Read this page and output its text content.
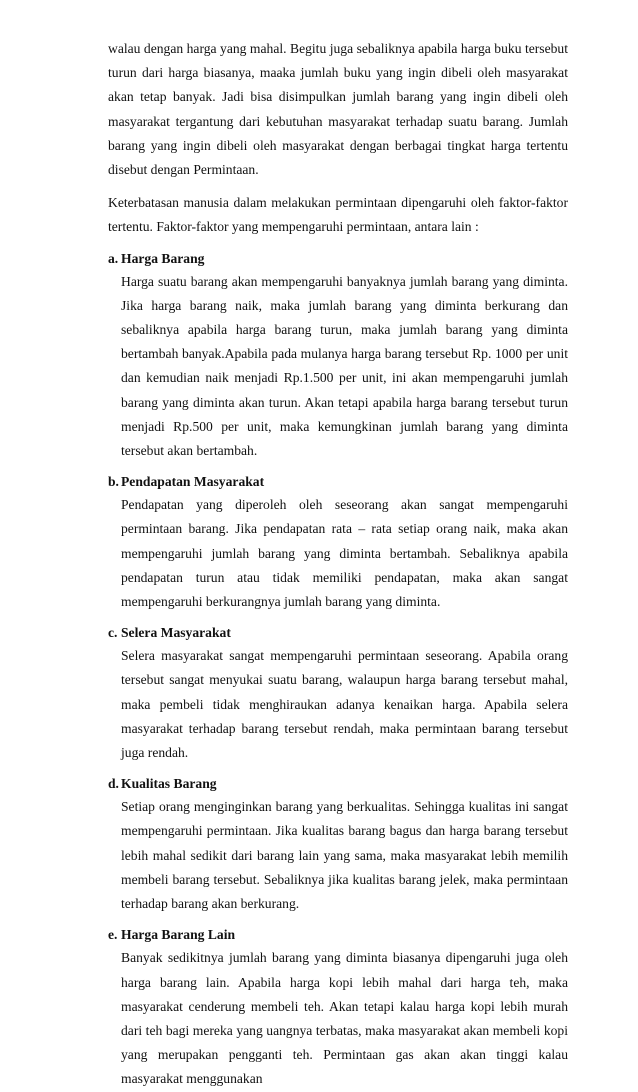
walau dengan harga yang mahal. Begitu juga sebaliknya apabila harga buku tersebut turun dari harga biasanya, maaka jumlah buku yang ingin dibeli oleh masyarakat akan tetap banyak. Jadi bisa disimpulkan jumlah barang yang ingin dibeli oleh masyarakat tergantung dari kebutuhan masyarakat terhadap suatu barang. Jumlah barang yang ingin dibeli oleh masyarakat dengan berbagai tingkat harga tertentu disebut dengan Permintaan.

Keterbatasan manusia dalam melakukan permintaan dipengaruhi oleh faktor-faktor tertentu. Faktor-faktor yang mempengaruhi permintaan, antara lain :

a. Harga Barang

Harga suatu barang akan mempengaruhi banyaknya jumlah barang yang diminta. Jika harga barang naik, maka jumlah barang yang diminta berkurang dan sebaliknya apabila harga barang turun, maka jumlah barang yang diminta bertambah banyak.Apabila pada mulanya harga barang tersebut Rp. 1000 per unit dan kemudian naik menjadi Rp.1.500 per unit, ini akan mempengaruhi jumlah barang yang diminta akan turun. Akan tetapi apabila harga barang tersebut turun menjadi Rp.500 per unit, maka kemungkinan jumlah barang yang diminta tersebut akan bertambah.

b. Pendapatan Masyarakat

Pendapatan yang diperoleh oleh seseorang akan sangat mempengaruhi permintaan barang. Jika pendapatan rata – rata setiap orang naik, maka akan mempengaruhi jumlah barang yang diminta bertambah. Sebaliknya apabila pendapatan turun atau tidak memiliki pendapatan, maka akan sangat mempengaruhi berkurangnya jumlah barang yang diminta.

c. Selera Masyarakat

Selera masyarakat sangat mempengaruhi permintaan seseorang. Apabila orang tersebut sangat menyukai suatu barang, walaupun harga barang tersebut mahal, maka pembeli tidak menghiraukan adanya kenaikan harga. Apabila selera masyarakat terhadap barang tersebut rendah, maka permintaan barang tersebut juga rendah.

d. Kualitas Barang

Setiap orang menginginkan barang yang berkualitas. Sehingga kualitas ini sangat mempengaruhi permintaan. Jika kualitas barang bagus dan harga barang tersebut lebih mahal sedikit dari barang lain yang sama, maka masyarakat lebih memilih membeli barang tersebut. Sebaliknya jika kualitas barang jelek, maka permintaan terhadap barang akan berkurang.

e. Harga Barang Lain

Banyak sedikitnya jumlah barang yang diminta biasanya dipengaruhi juga oleh harga barang lain. Apabila harga kopi lebih mahal dari harga teh, maka masyarakat cenderung membeli teh. Akan tetapi kalau harga kopi lebih murah dari teh bagi mereka yang uangnya terbatas, maka masyarakat akan membeli kopi yang merupakan pengganti teh. Permintaan gas akan akan tinggi kalau masyarakat menggunakan
